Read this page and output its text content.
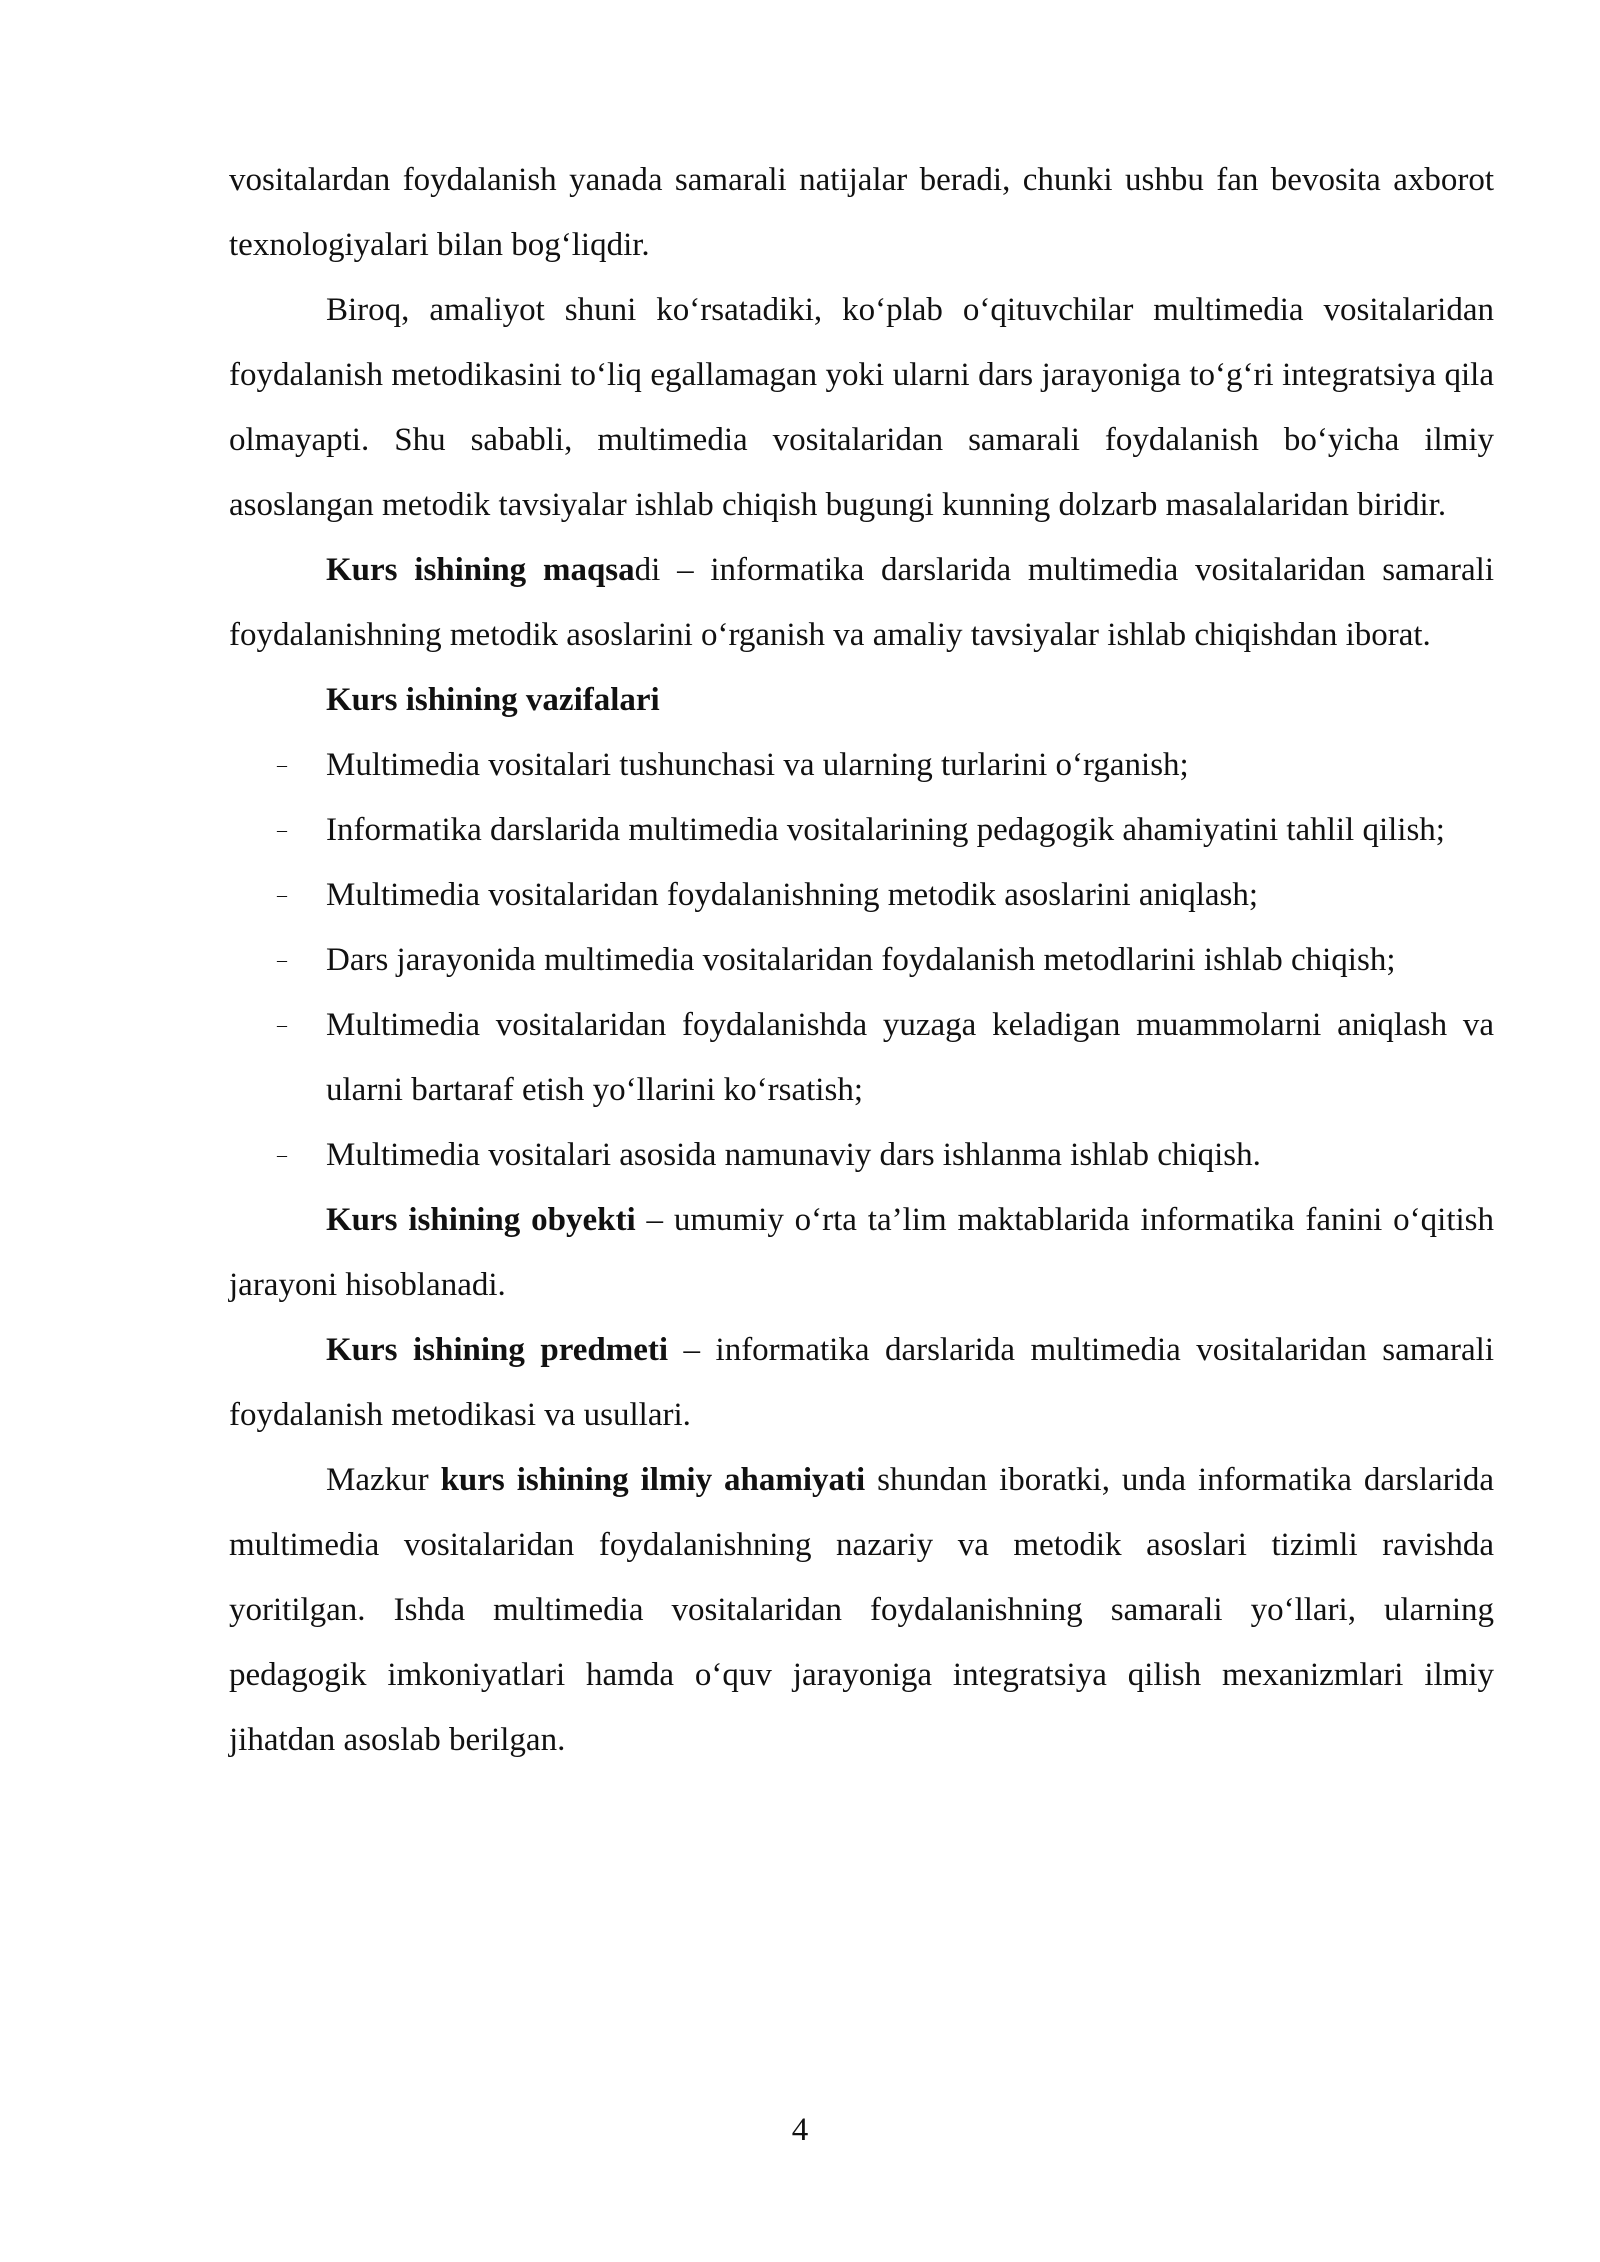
vositalardan foydalanish yanada samarali natijalar beradi, chunki ushbu fan bevosita axborot texnologiyalari bilan bog‘liqdir.

Biroq, amaliyot shuni ko‘rsatadiki, ko‘plab o‘qituvchilar multimedia vositalaridan foydalanish metodikasini to‘liq egallamagan yoki ularni dars jarayoniga to‘g‘ri integratsiya qila olmayapti. Shu sababli, multimedia vositalaridan samarali foydalanish bo‘yicha ilmiy asoslangan metodik tavsiyalar ishlab chiqish bugungi kunning dolzarb masalalaridan biridir.

Kurs ishining maqsadi – informatika darslarida multimedia vositalaridan samarali foydalanishning metodik asoslarini o‘rganish va amaliy tavsiyalar ishlab chiqishdan iborat.

Kurs ishining vazifalari

– Multimedia vositalari tushunchasi va ularning turlarini o‘rganish;
– Informatika darslarida multimedia vositalarining pedagogik ahamiyatini tahlil qilish;
– Multimedia vositalaridan foydalanishning metodik asoslarini aniqlash;
– Dars jarayonida multimedia vositalaridan foydalanish metodlarini ishlab chiqish;
– Multimedia vositalaridan foydalanishda yuzaga keladigan muammolarni aniqlash va ularni bartaraf etish yo‘llarini ko‘rsatish;
– Multimedia vositalari asosida namunaviy dars ishlanma ishlab chiqish.

Kurs ishining obyekti – umumiy o‘rta ta’lim maktablarida informatika fanini o‘qitish jarayoni hisoblanadi.

Kurs ishining predmeti – informatika darslarida multimedia vositalaridan samarali foydalanish metodikasi va usullari.

Mazkur kurs ishining ilmiy ahamiyati shundan iboratki, unda informatika darslarida multimedia vositalaridan foydalanishning nazariy va metodik asoslari tizimli ravishda yoritilgan. Ishda multimedia vositalaridan foydalanishning samarali yo‘llari, ularning pedagogik imkoniyatlari hamda o‘quv jarayoniga integratsiya qilish mexanizmlari ilmiy jihatdan asoslab berilgan.

4
